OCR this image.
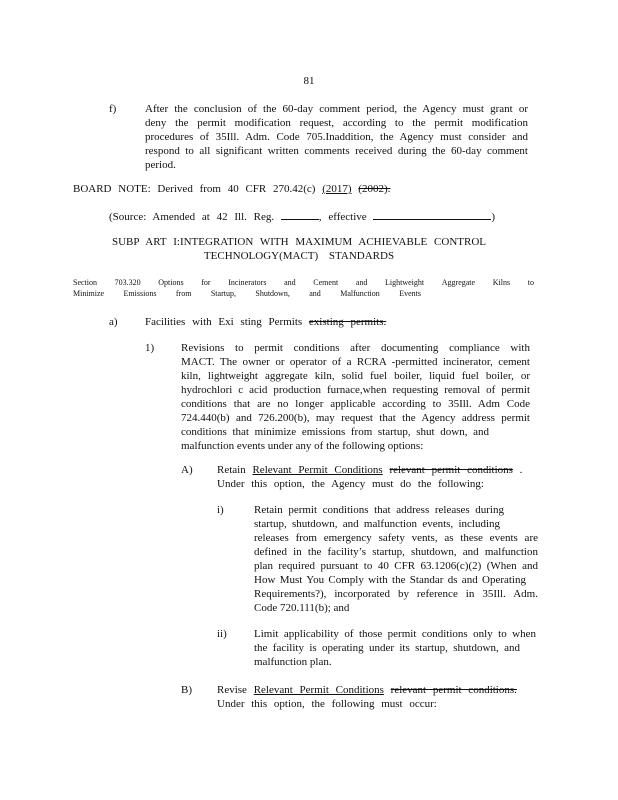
81
f)	After the conclusion of the 60-day comment period, the Agency must grant or
deny the permit modification request, according to the permit modification
procedures of 35Ill. Adm. Code 705.Inaddition, the Agency must consider and
respond to all significant written comments received during the 60-day comment
period.
BOARD NOTE: Derived from 40 CFR 270.42(c) (2017) (2002).
(Source: Amended at 42 Ill. Reg.	, effective	)
SUBP ART I:INTEGRATION WITH MAXIMUM ACHIEVABLE CONTROL
TECHNOLOGY(MACT) STANDARDS
Section 703.320 Options for Incinerators and Cement and Lightweight Aggregate Kilns to
Minimize Emissions from Startup, Shutdown, and Malfunction Events
a) Facilities with Exi sting Permits existing permits.
1) Revisions to permit conditions after documenting compliance with
MACT. The owner or operator of a RCRA -permitted incinerator, cement
kiln, lightweight aggregate kiln, solid fuel boiler, liquid fuel boiler, or
hydrochlori c acid production furnace,when requesting removal of permit
conditions that are no longer applicable according to 35Ill. Adm Code
724.440(b) and 726.200(b), may request that the Agency address permit
conditions that minimize emissions from startup, shut down, and
malfunction events under any of the following options:
A) Retain Relevant Permit Conditions relevant permit conditions .
Under this option, the Agency must do the following:
i)	Retain permit conditions that address releases during
startup, shutdown, and malfunction events, including
releases from emergency safety vents, as these events are
defined in the facility’s startup, shutdown, and malfunction
plan required pursuant to 40 CFR 63.1206(c)(2) (When and
How Must You Comply with the Standar ds and Operating
Requirements?), incorporated by reference in 35Ill. Adm.
Code 720.111(b); and
ii) Limit applicability of those permit conditions only to when
the facility is operating under its startup, shutdown, and
malfunction plan.
B) Revise Relevant Permit Conditions relevant permit conditions.
Under this option, the following must occur:
